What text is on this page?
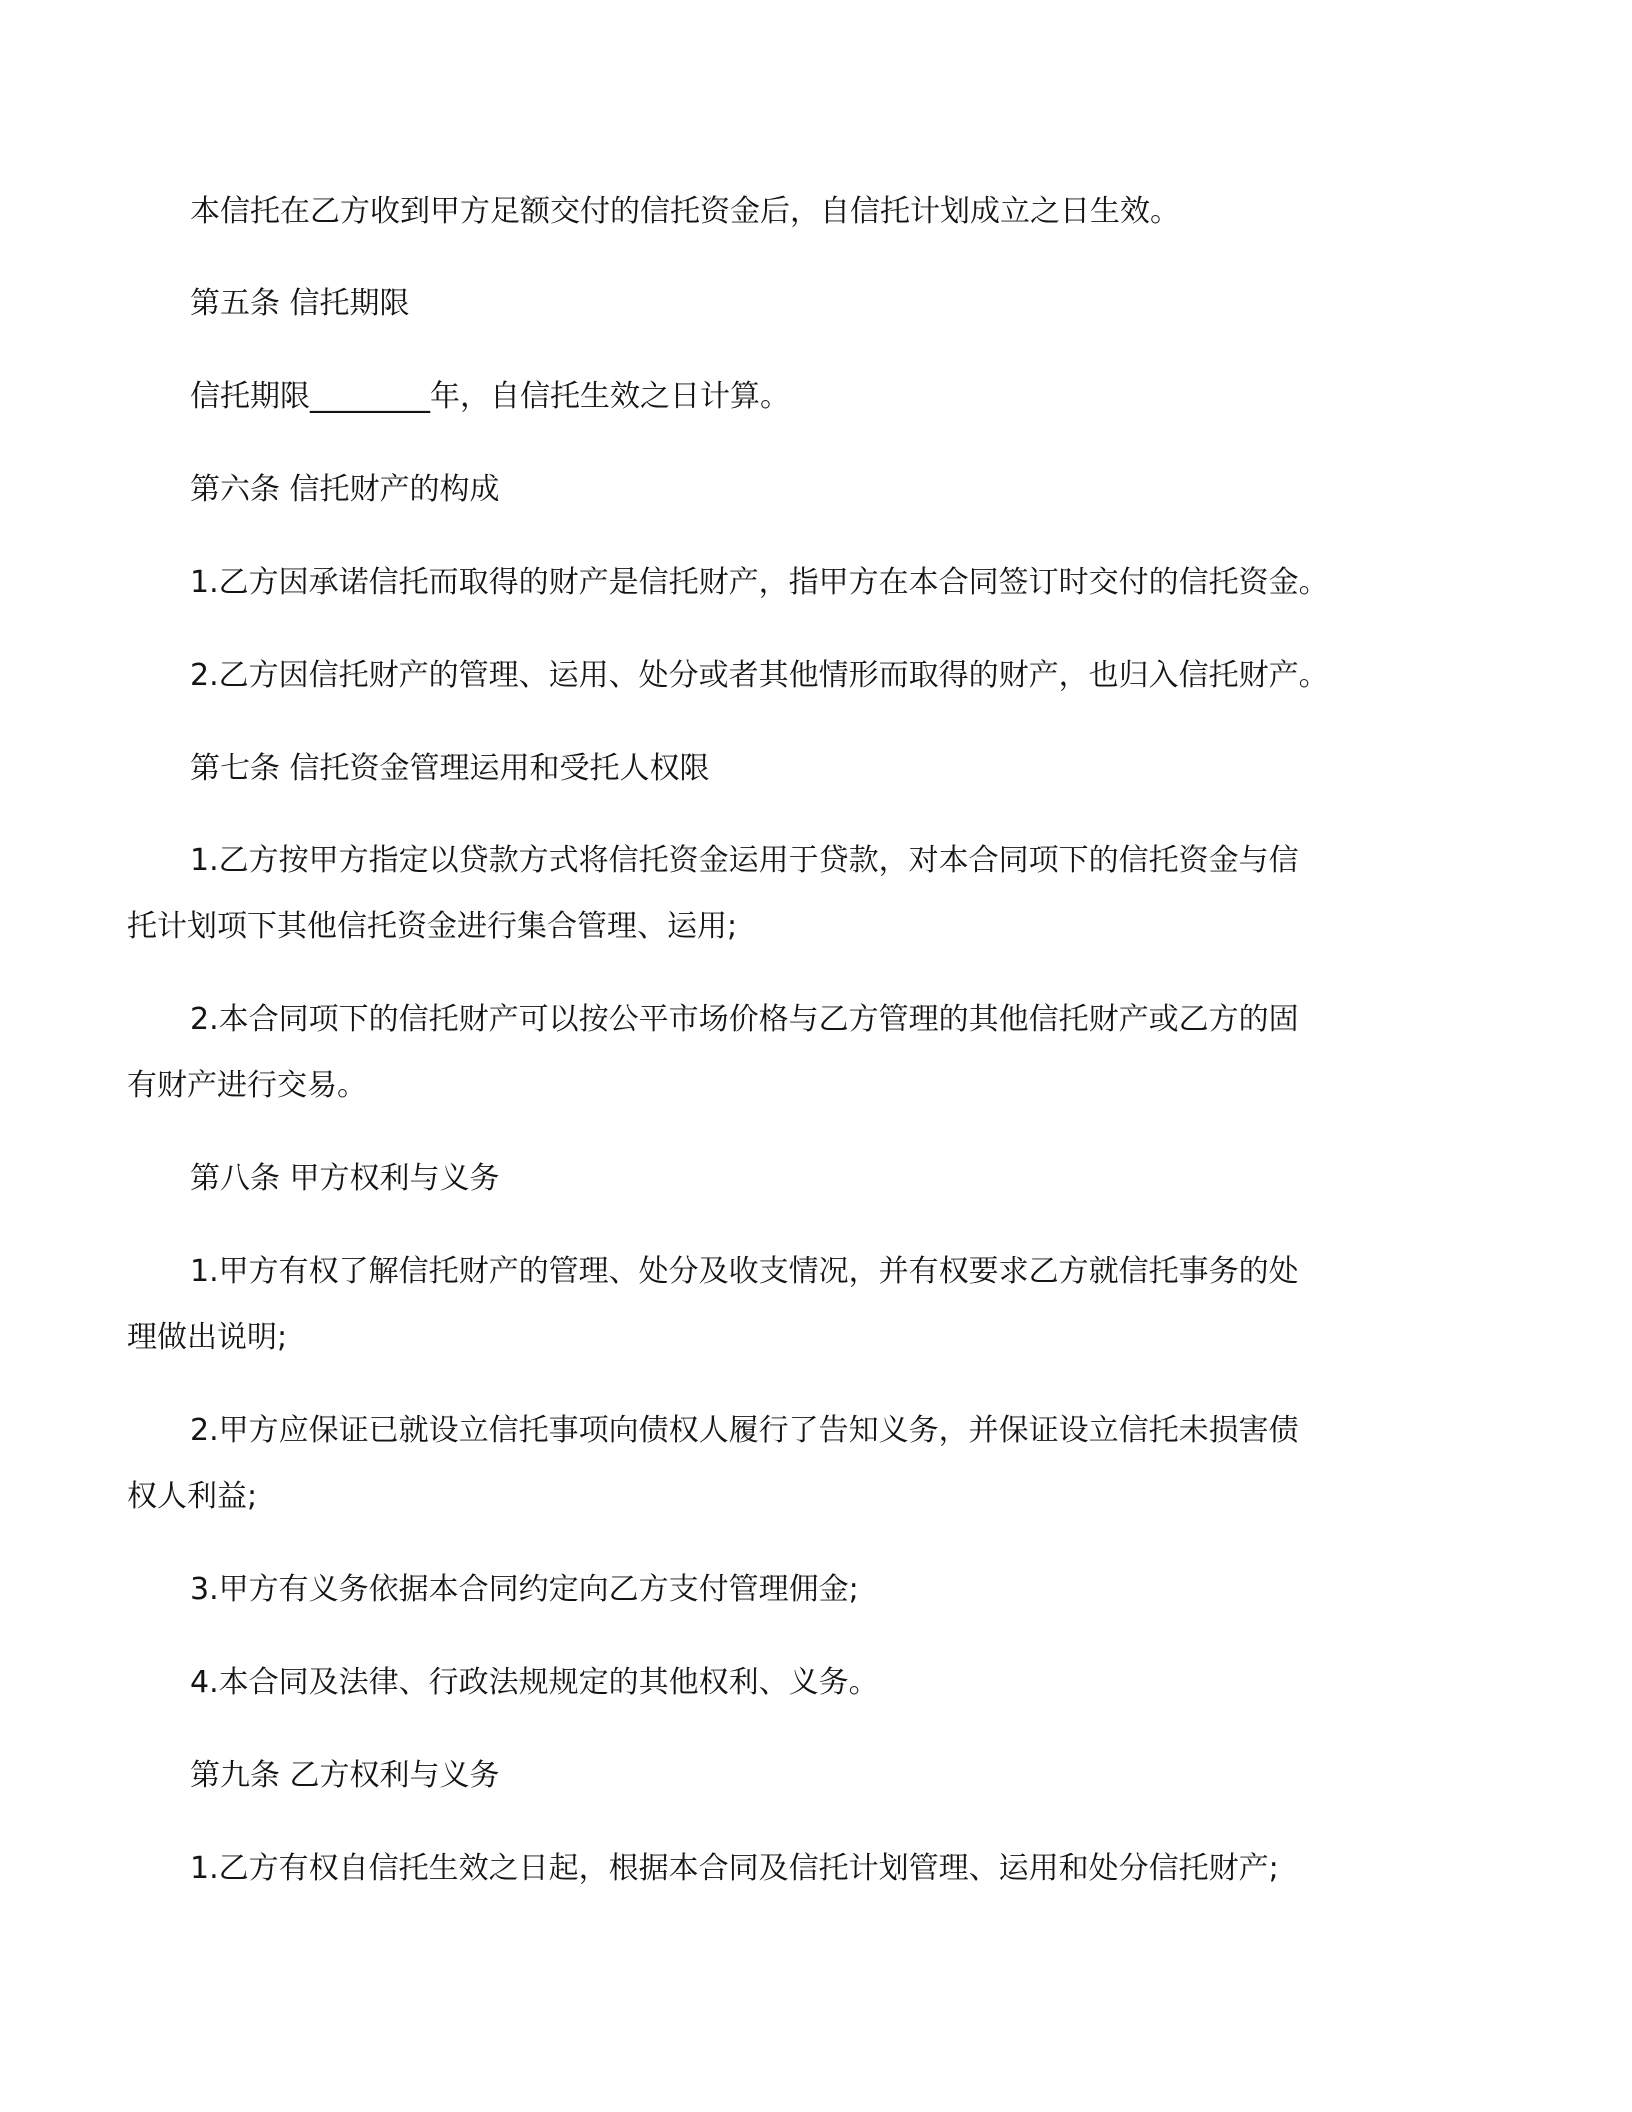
本信托在乙方收到甲方足额交付的信托资金后，自信托计划成立之日生效。

第五条 信托期限

信托期限________年，自信托生效之日计算。

第六条 信托财产的构成

1.乙方因承诺信托而取得的财产是信托财产，指甲方在本合同签订时交付的信托资金。

2.乙方因信托财产的管理、运用、处分或者其他情形而取得的财产，也归入信托财产。

第七条 信托资金管理运用和受托人权限

1.乙方按甲方指定以贷款方式将信托资金运用于贷款，对本合同项下的信托资金与信

托计划项下其他信托资金进行集合管理、运用;

2.本合同项下的信托财产可以按公平市场价格与乙方管理的其他信托财产或乙方的固

有财产进行交易。

第八条 甲方权利与义务

1.甲方有权了解信托财产的管理、处分及收支情况，并有权要求乙方就信托事务的处

理做出说明;

2.甲方应保证已就设立信托事项向债权人履行了告知义务，并保证设立信托未损害债

权人利益;

3.甲方有义务依据本合同约定向乙方支付管理佣金;

4.本合同及法律、行政法规规定的其他权利、义务。

第九条 乙方权利与义务

1.乙方有权自信托生效之日起，根据本合同及信托计划管理、运用和处分信托财产;
